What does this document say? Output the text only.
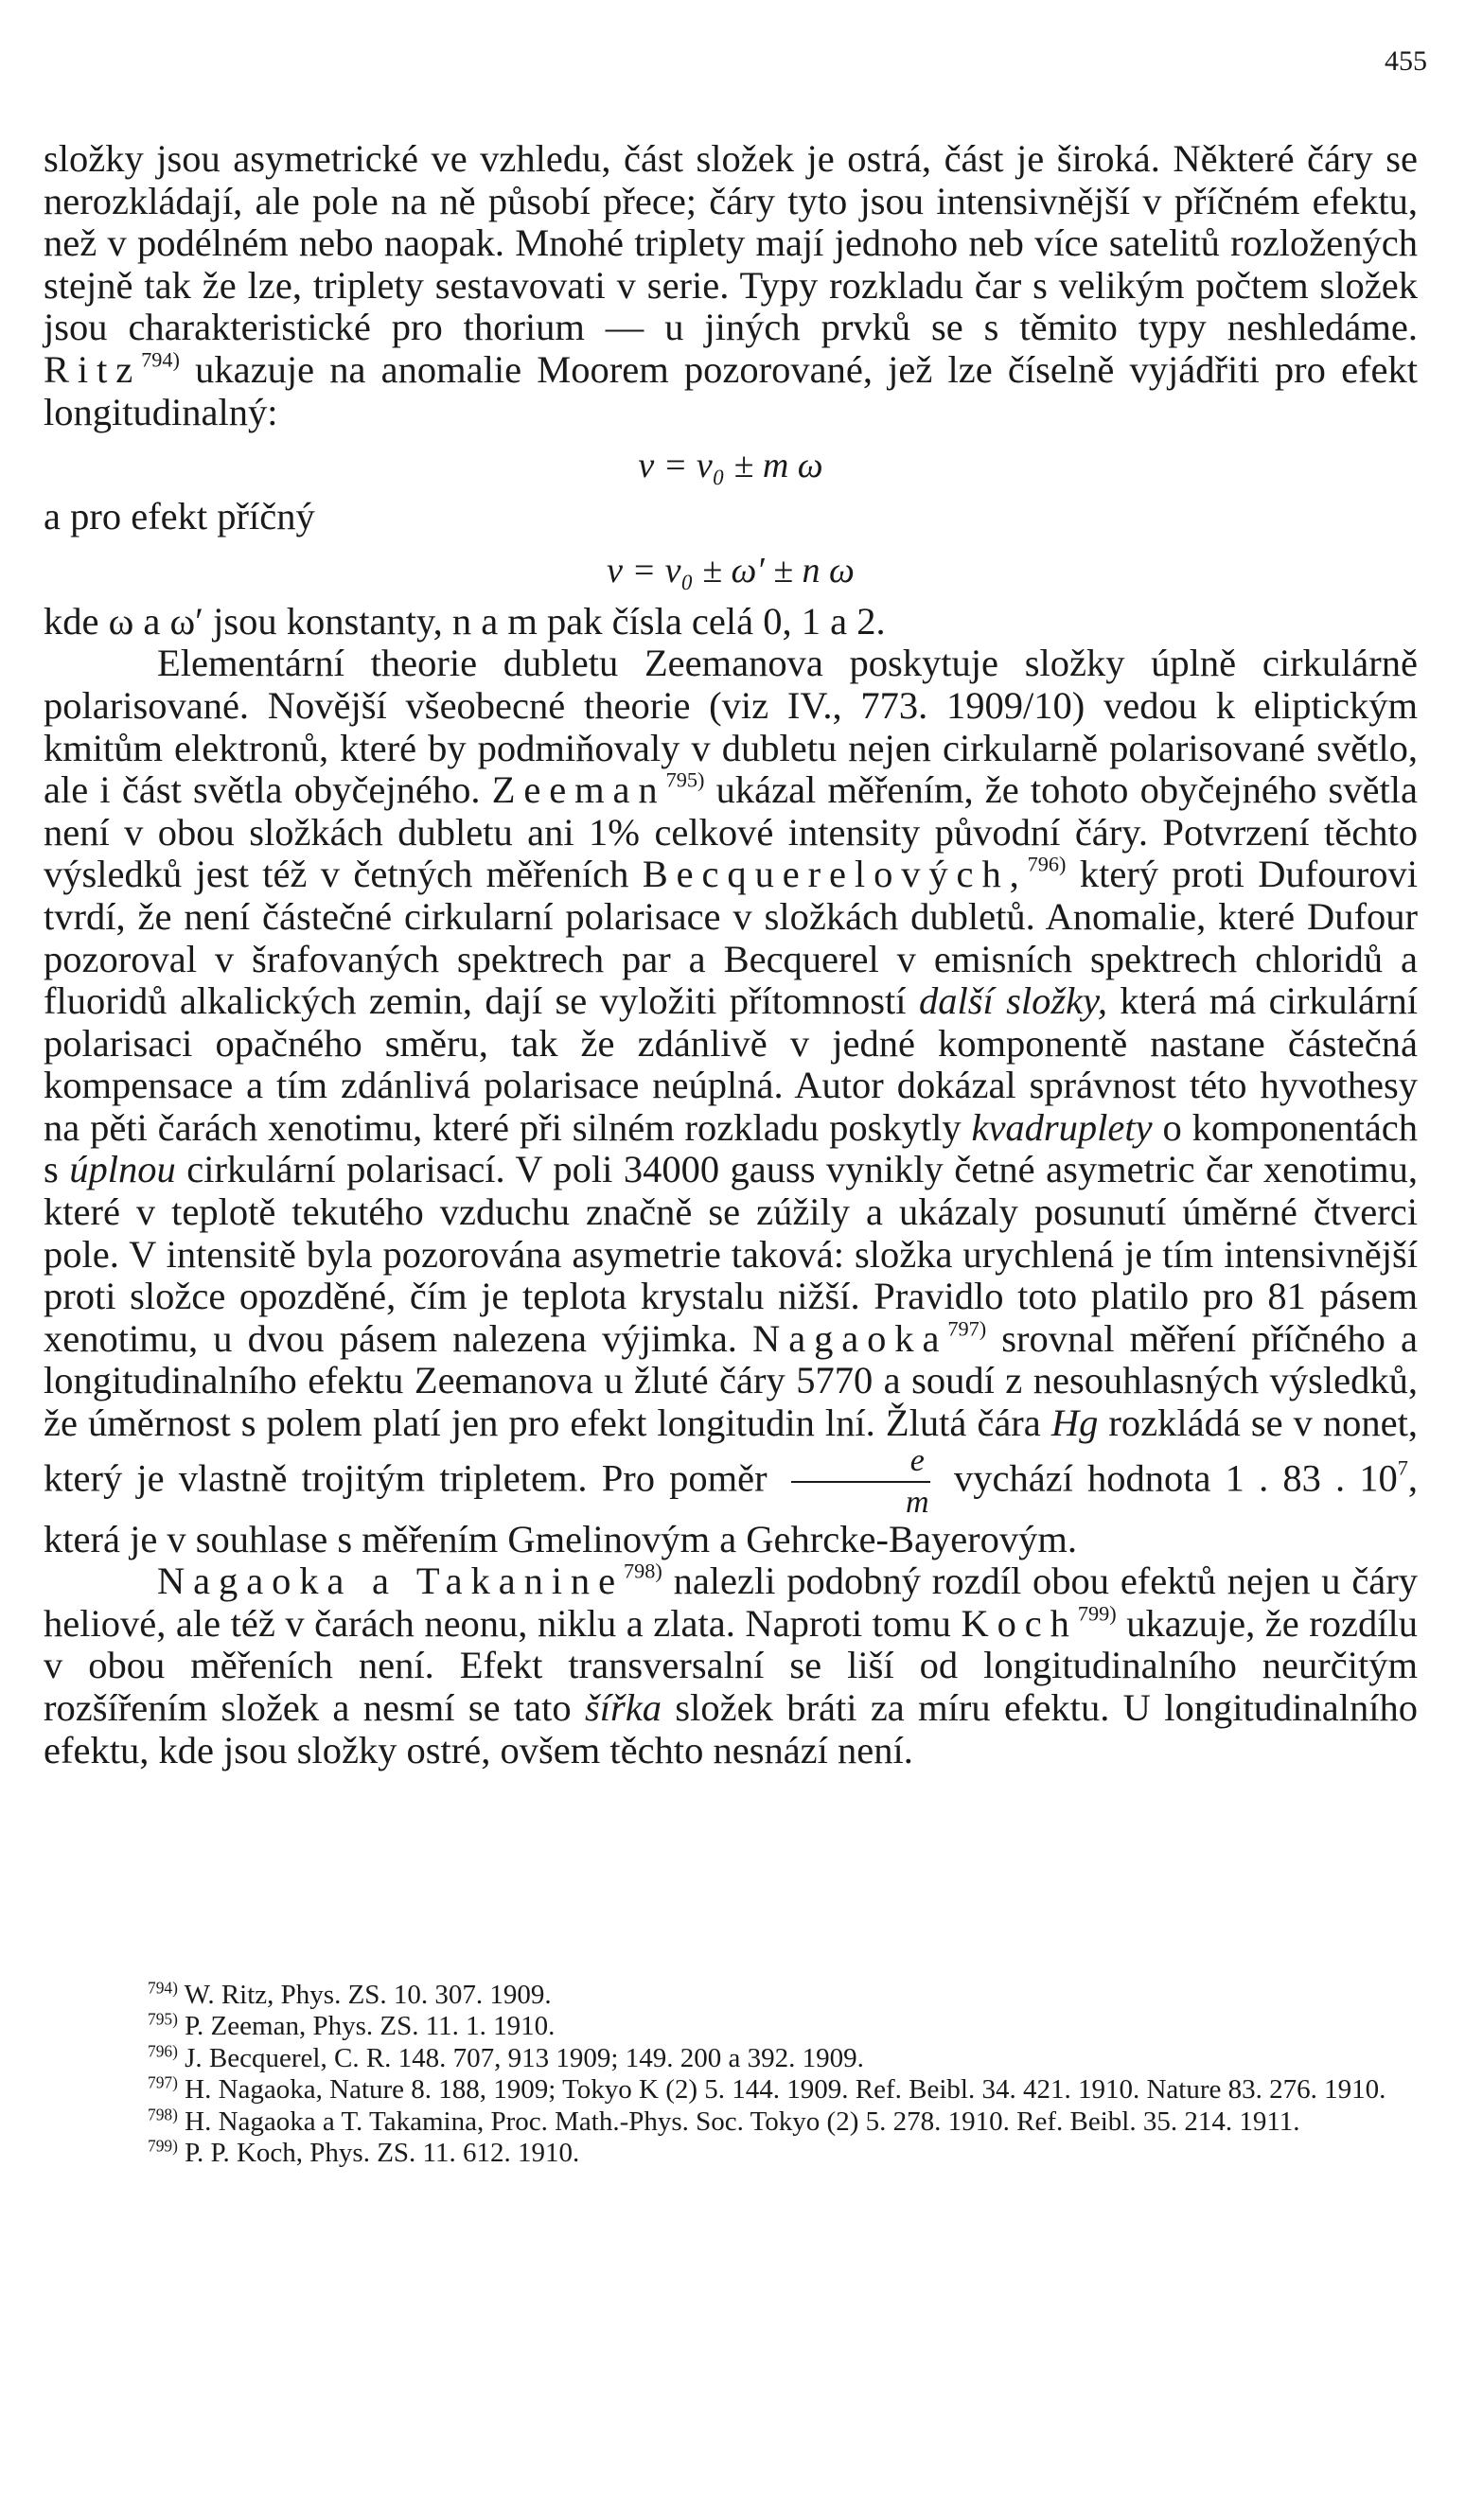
455

složky jsou asymetrické ve vzhledu, část složek je ostrá, část je široká. Některé čáry se nerozkládají, ale pole na ně působí přece; čáry tyto jsou intensivnější v příčném efektu, než v podélném nebo naopak. Mnohé triplety mají jednoho neb více satelitů rozložených stejně tak že lze, triplety sestavovati v serie. Typy rozkladu čar s velikým počtem složek jsou charakteristické pro thorium — u jiných prvků se s těmito typy neshledáme. Ritz$^{794)}$ ukazuje na anomalie Moorem pozorované, jež lze číselně vyjádřiti pro efekt longitudinalný:

ν = ν₀ ± m ω

a pro efekt příčný

ν = ν₀ ± ω′ ± n ω

kde ω a ω′ jsou konstanty, n a m pak čísla celá 0, 1 a 2.

Elementární theorie dubletu Zeemanova poskytuje složky úplně cirkulárně polarisované. Novější všeobecné theorie (viz IV., 773. 1909/10) vedou k eliptickým kmitům elektronů, které by podmiňovaly v dubletu nejen cirkularně polarisované světlo, ale i část světla obyčejného. Zeeman$^{795)}$ ukázal měřením, že tohoto obyčejného světla není v obou složkách dubletu ani 1% celkové intensity původní čáry. Potvrzení těchto výsledků jest též v četných měřeních Becquerelových,$^{796)}$ který proti Dufourovi tvrdí, že není částečné cirkularní polarisace v složkách dubletů. Anomalie, které Dufour pozoroval v šrafovaných spektrech par a Becquerel v emisních spektrech chloridů a fluoridů alkalických zemin, dají se vyložiti přítomností další složky, která má cirkulární polarisaci opačného směru, tak že zdánlivě v jedné komponentě nastane částečná kompensace a tím zdánlivá polarisace neúplná. Autor dokázal správnost této hyvothesy na pěti čarách xenotimu, které při silném rozkladu poskytly kvadruplety o komponentách s úplnou cirkulární polarisací. V poli 34000 gauss vynikly četné asymetric čar xenotimu, které v teplotě tekutého vzduchu značně se zúžily a ukázaly posunutí úměrné čtverci pole. V intensitě byla pozorována asymetrie taková: složka urychlená je tím intensivnější proti složce opozděné, čím je teplota krystalu nižší. Pravidlo toto platilo pro 81 pásem xenotimu, u dvou pásem nalezena výjimka. Nagaoka$^{797)}$ srovnal měření příčného a longitudinalního efektu Zeemanova u žluté čáry 5770 a soudí z nesouhlasných výsledků, že úměrnost s polem platí jen pro efekt longitudin lní. Žlutá čára Hg rozkládá se v nonet, který je vlastně trojitým tripletem. Pro poměr $\frac{e}{m}$ vychází hodnota 1 . 83 . $10^7$, která je v souhlase s měřením Gmelinovým a Gehrcke-Bayerovým.

Nagaoka a Takanine$^{798)}$ nalezli podobný rozdíl obou efektů nejen u čáry heliové, ale též v čarách neonu, niklu a zlata. Naproti tomu Koch$^{799)}$ ukazuje, že rozdílu v obou měřeních není. Efekt transversalní se liší od longitudinalního neurčitým rozšířením složek a nesmí se tato šířka složek bráti za míru efektu. U longitudinalního efektu, kde jsou složky ostré, ovšem těchto nesnází není.

$^{794)}$ W. Ritz, Phys. ZS. 10. 307. 1909.

$^{795)}$ P. Zeeman, Phys. ZS. 11. 1. 1910.

$^{796)}$ J. Becquerel, C. R. 148. 707, 913 1909; 149. 200 a 392. 1909.

$^{797)}$ H. Nagaoka, Nature 8. 188, 1909; Tokyo K (2) 5. 144. 1909. Ref. Beibl. 34. 421. 1910. Nature 83. 276. 1910.

$^{798)}$ H. Nagaoka a T. Takamina, Proc. Math.-Phys. Soc. Tokyo (2) 5. 278. 1910. Ref. Beibl. 35. 214. 1911.

$^{799)}$ P. P. Koch, Phys. ZS. 11. 612. 1910.
